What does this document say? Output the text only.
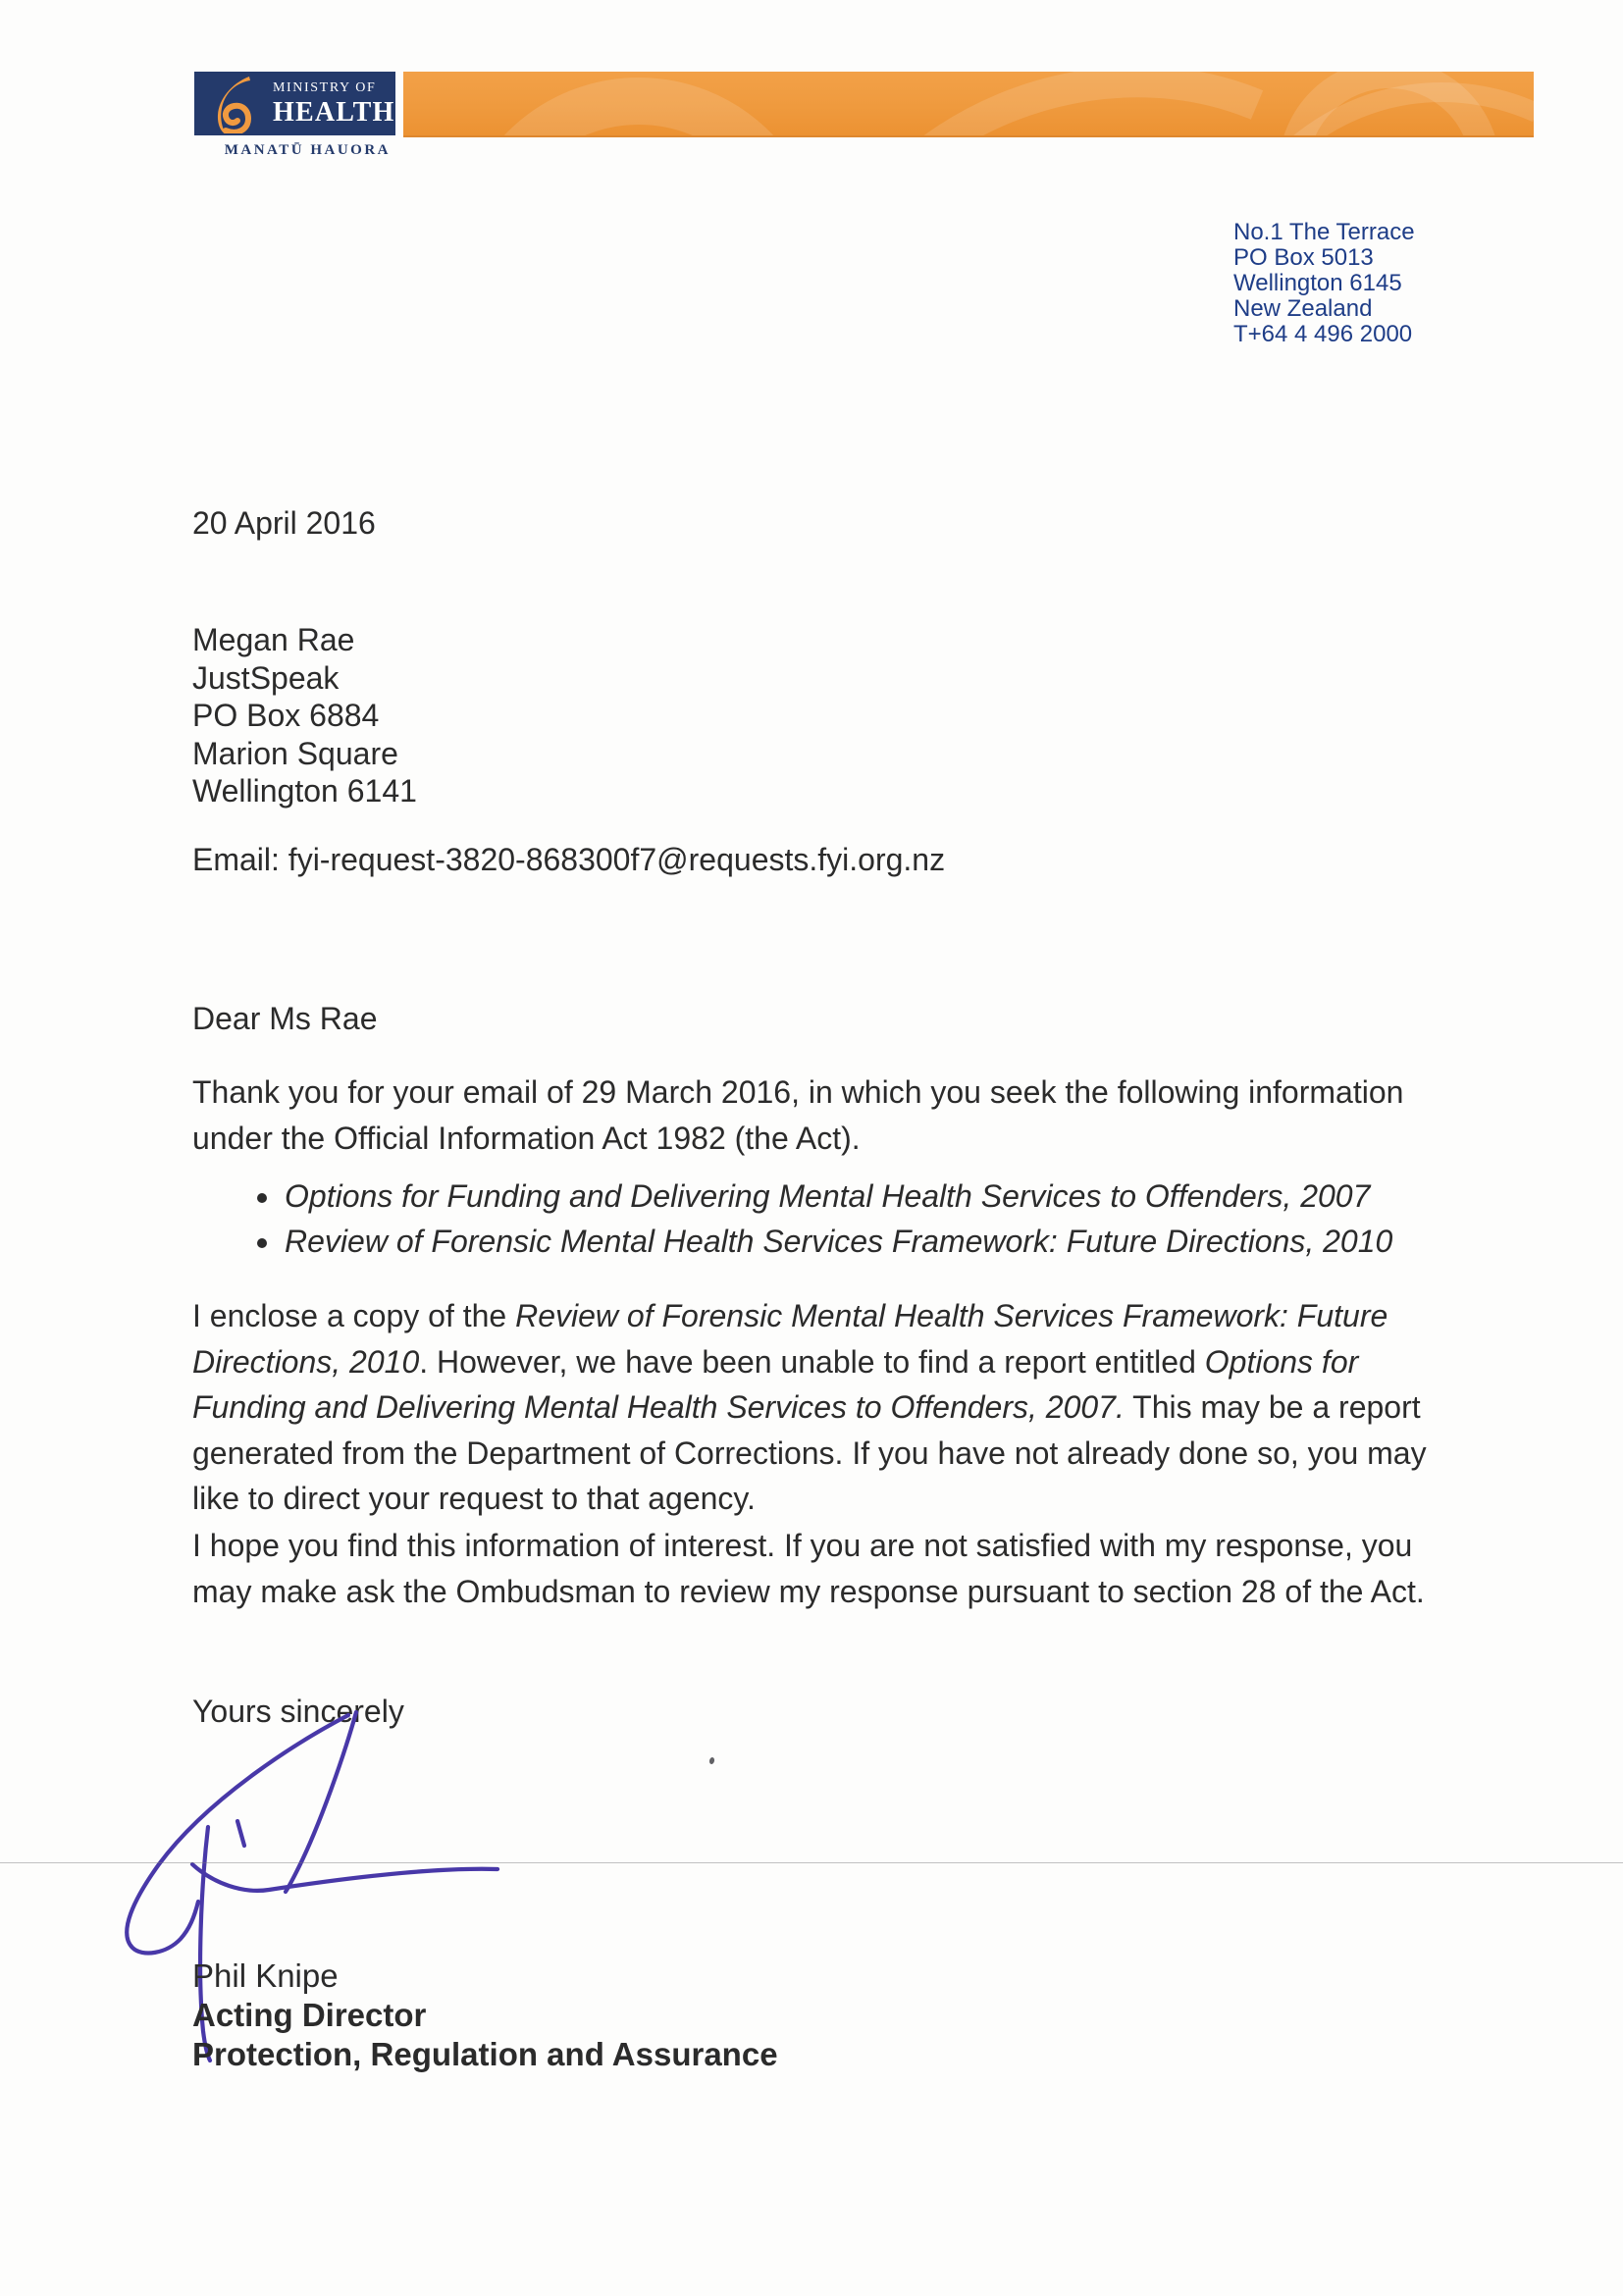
MINISTRY OF
HEALTH
MANATŪ HAUORA
No.1 The Terrace
PO Box 5013
Wellington 6145
New Zealand
T+64 4 496 2000
20 April 2016
Megan Rae
JustSpeak
PO Box 6884
Marion Square
Wellington 6141
Email: fyi-request-3820-868300f7@requests.fyi.org.nz
Dear Ms Rae

Thank you for your email of 29 March 2016, in which you seek the following information under the Official Information Act 1982 (the Act).

• Options for Funding and Delivering Mental Health Services to Offenders, 2007
• Review of Forensic Mental Health Services Framework: Future Directions, 2010

I enclose a copy of the Review of Forensic Mental Health Services Framework: Future Directions, 2010. However, we have been unable to find a report entitled Options for Funding and Delivering Mental Health Services to Offenders, 2007. This may be a report generated from the Department of Corrections. If you have not already done so, you may like to direct your request to that agency.

I hope you find this information of interest. If you are not satisfied with my response, you may make ask the Ombudsman to review my response pursuant to section 28 of the Act.

Yours sincerely
Phil Knipe
Acting Director
Protection, Regulation and Assurance
